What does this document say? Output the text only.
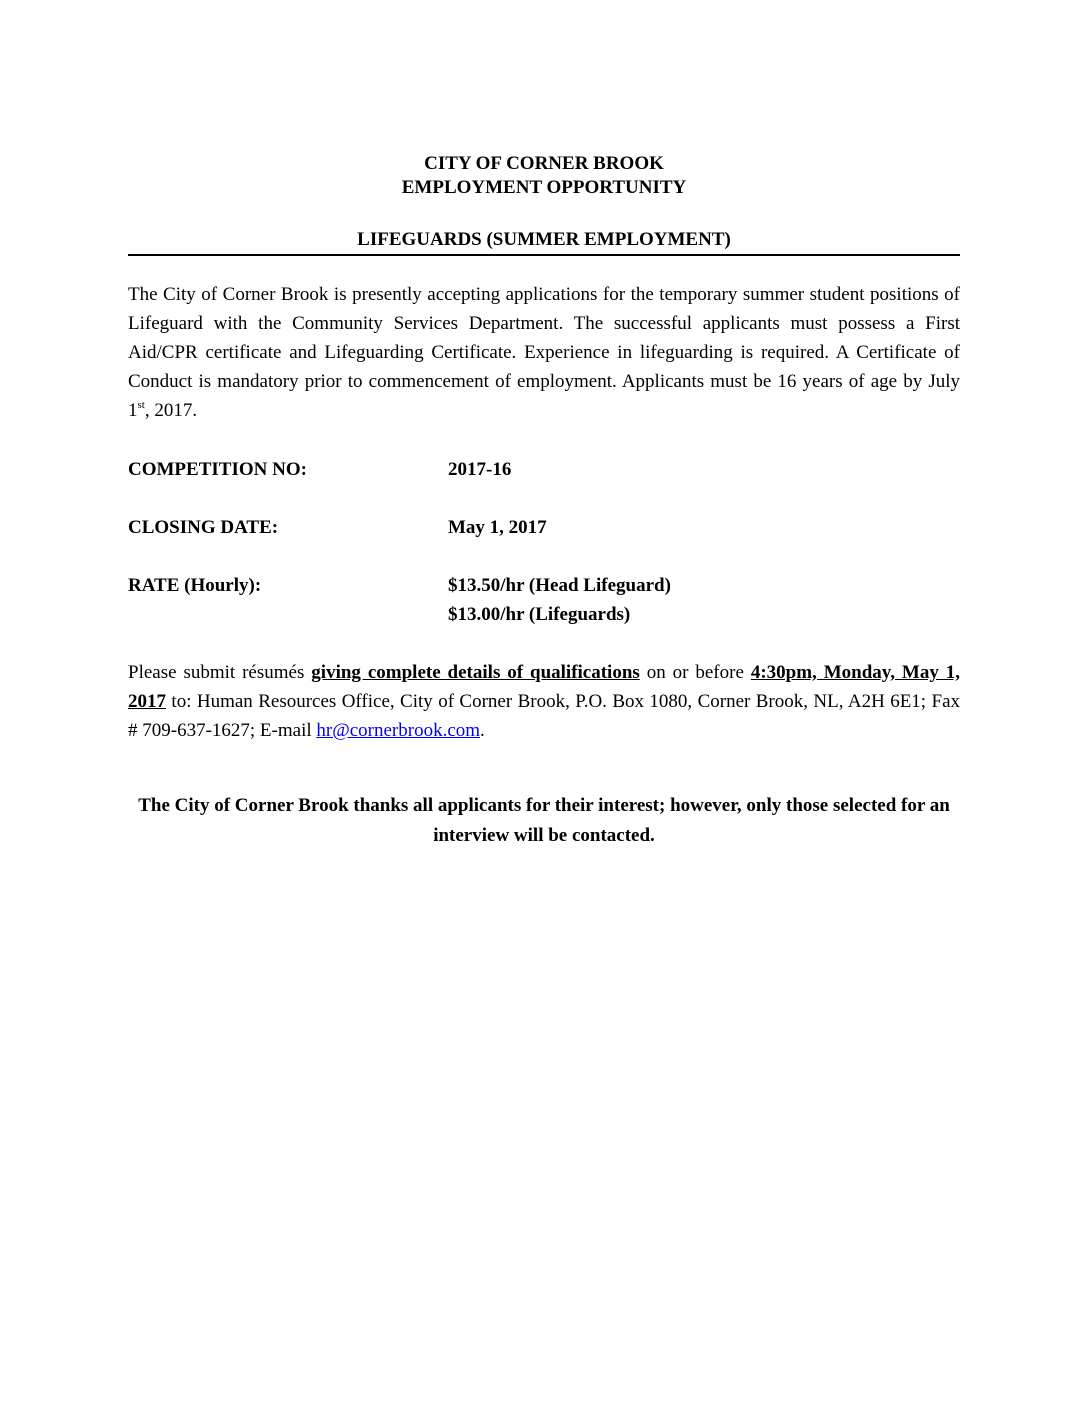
CITY OF CORNER BROOK
EMPLOYMENT OPPORTUNITY
LIFEGUARDS (SUMMER EMPLOYMENT)
The City of Corner Brook is presently accepting applications for the temporary summer student positions of Lifeguard with the Community Services Department. The successful applicants must possess a First Aid/CPR certificate and Lifeguarding Certificate. Experience in lifeguarding is required. A Certificate of Conduct is mandatory prior to commencement of employment. Applicants must be 16 years of age by July 1st, 2017.
COMPETITION NO:	2017-16
CLOSING DATE:	May 1, 2017
RATE (Hourly):	$13.50/hr (Head Lifeguard)
$13.00/hr (Lifeguards)
Please submit résumés giving complete details of qualifications on or before 4:30pm, Monday, May 1, 2017 to: Human Resources Office, City of Corner Brook, P.O. Box 1080, Corner Brook, NL, A2H 6E1; Fax # 709-637-1627; E-mail hr@cornerbrook.com.
The City of Corner Brook thanks all applicants for their interest; however, only those selected for an interview will be contacted.
